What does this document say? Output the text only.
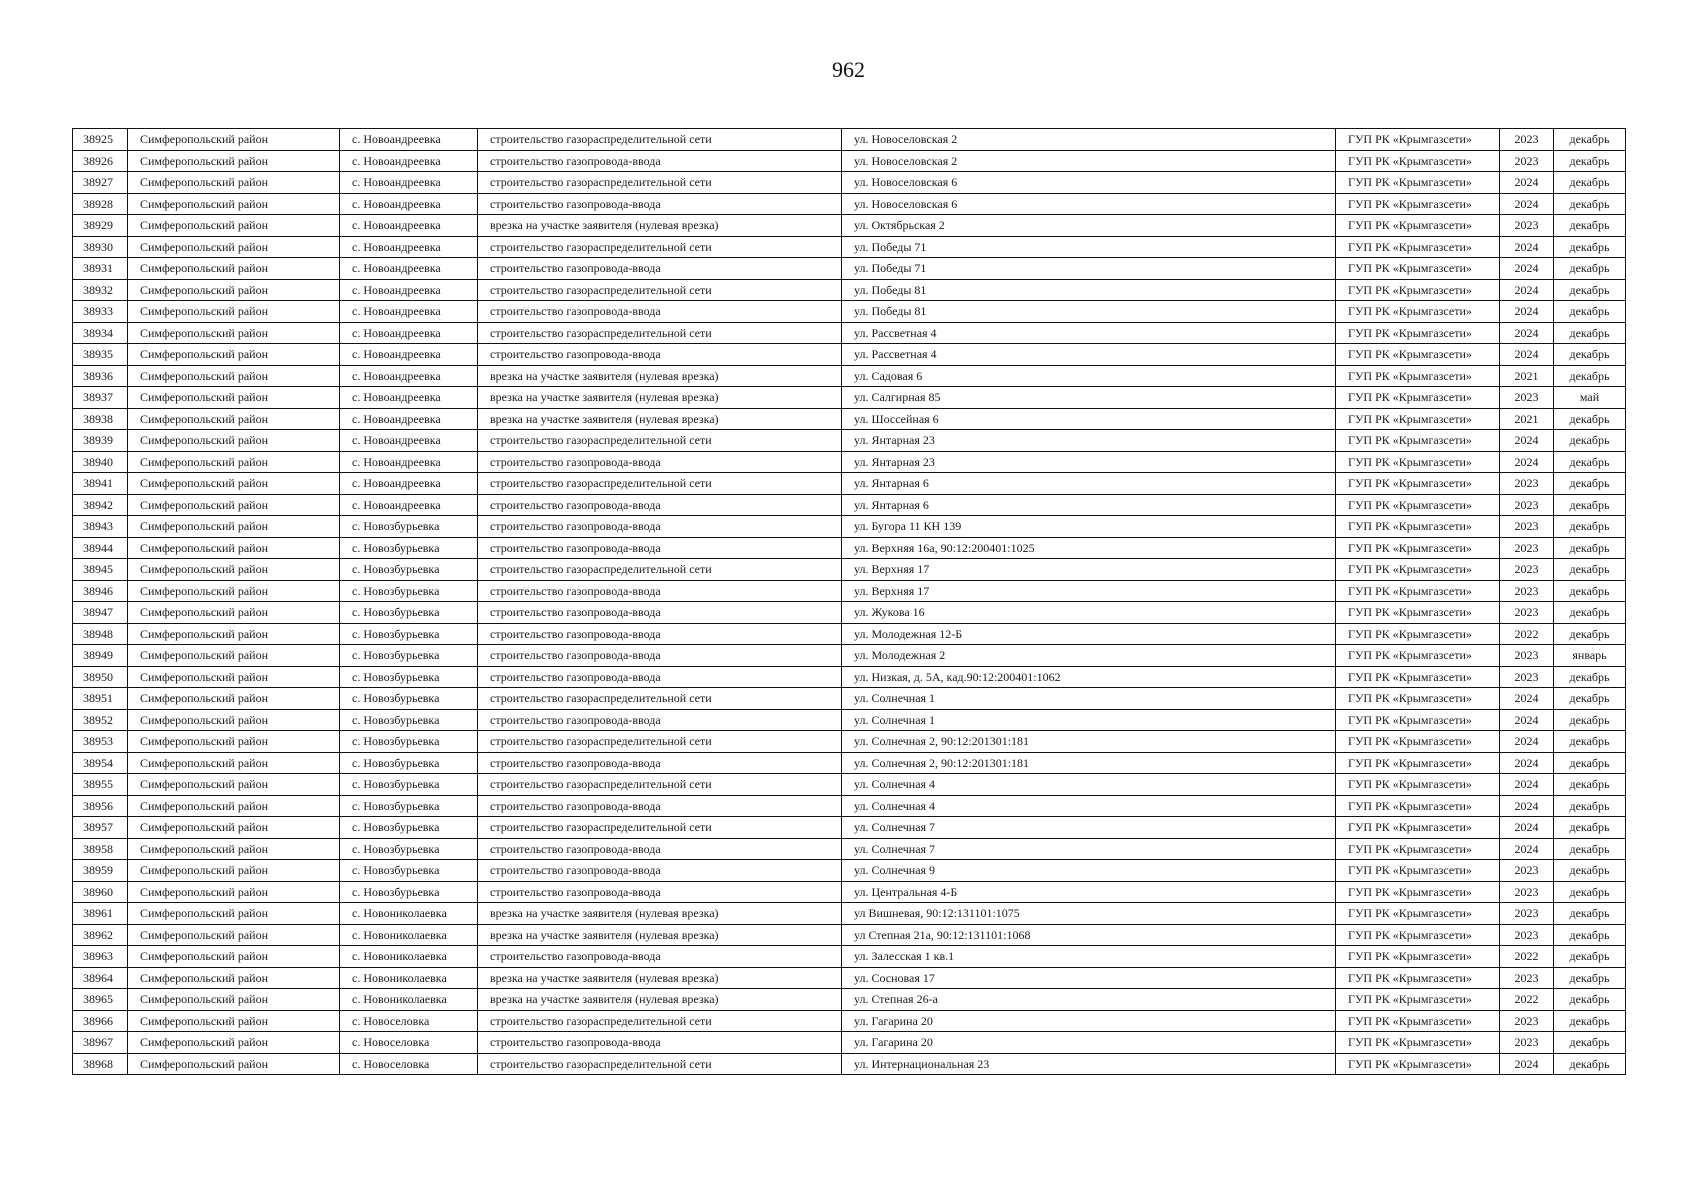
962
38925	Симферопольский район	с. Новоандреевка	строительство газораспределительной сети	ул. Новоселовская 2	ГУП РК «Крымгазсети»	2023	декабрь
38926	Симферопольский район	с. Новоандреевка	строительство газопровода-ввода	ул. Новоселовская 2	ГУП РК «Крымгазсети»	2023	декабрь
38927	Симферопольский район	с. Новоандреевка	строительство газораспределительной сети	ул. Новоселовская 6	ГУП РК «Крымгазсети»	2024	декабрь
38928	Симферопольский район	с. Новоандреевка	строительство газопровода-ввода	ул. Новоселовская 6	ГУП РК «Крымгазсети»	2024	декабрь
38929	Симферопольский район	с. Новоандреевка	врезка на участке заявителя (нулевая врезка)	ул. Октябрьская 2	ГУП РК «Крымгазсети»	2023	декабрь
38930	Симферопольский район	с. Новоандреевка	строительство газораспределительной сети	ул. Победы 71	ГУП РК «Крымгазсети»	2024	декабрь
38931	Симферопольский район	с. Новоандреевка	строительство газопровода-ввода	ул. Победы 71	ГУП РК «Крымгазсети»	2024	декабрь
38932	Симферопольский район	с. Новоандреевка	строительство газораспределительной сети	ул. Победы 81	ГУП РК «Крымгазсети»	2024	декабрь
38933	Симферопольский район	с. Новоандреевка	строительство газопровода-ввода	ул. Победы 81	ГУП РК «Крымгазсети»	2024	декабрь
38934	Симферопольский район	с. Новоандреевка	строительство газораспределительной сети	ул. Рассветная 4	ГУП РК «Крымгазсети»	2024	декабрь
38935	Симферопольский район	с. Новоандреевка	строительство газопровода-ввода	ул. Рассветная 4	ГУП РК «Крымгазсети»	2024	декабрь
38936	Симферопольский район	с. Новоандреевка	врезка на участке заявителя (нулевая врезка)	ул. Садовая 6	ГУП РК «Крымгазсети»	2021	декабрь
38937	Симферопольский район	с. Новоандреевка	врезка на участке заявителя (нулевая врезка)	ул. Салгирная 85	ГУП РК «Крымгазсети»	2023	май
38938	Симферопольский район	с. Новоандреевка	врезка на участке заявителя (нулевая врезка)	ул. Шоссейная 6	ГУП РК «Крымгазсети»	2021	декабрь
38939	Симферопольский район	с. Новоандреевка	строительство газораспределительной сети	ул. Янтарная 23	ГУП РК «Крымгазсети»	2024	декабрь
38940	Симферопольский район	с. Новоандреевка	строительство газопровода-ввода	ул. Янтарная 23	ГУП РК «Крымгазсети»	2024	декабрь
38941	Симферопольский район	с. Новоандреевка	строительство газораспределительной сети	ул. Янтарная 6	ГУП РК «Крымгазсети»	2023	декабрь
38942	Симферопольский район	с. Новоандреевка	строительство газопровода-ввода	ул. Янтарная 6	ГУП РК «Крымгазсети»	2023	декабрь
38943	Симферопольский район	с. Новозбурьевка	строительство газопровода-ввода	ул. Бугора 11 КН 139	ГУП РК «Крымгазсети»	2023	декабрь
38944	Симферопольский район	с. Новозбурьевка	строительство газопровода-ввода	ул. Верхняя 16а, 90:12:200401:1025	ГУП РК «Крымгазсети»	2023	декабрь
38945	Симферопольский район	с. Новозбурьевка	строительство газораспределительной сети	ул. Верхняя 17	ГУП РК «Крымгазсети»	2023	декабрь
38946	Симферопольский район	с. Новозбурьевка	строительство газопровода-ввода	ул. Верхняя 17	ГУП РК «Крымгазсети»	2023	декабрь
38947	Симферопольский район	с. Новозбурьевка	строительство газопровода-ввода	ул. Жукова 16	ГУП РК «Крымгазсети»	2023	декабрь
38948	Симферопольский район	с. Новозбурьевка	строительство газопровода-ввода	ул. Молодежная 12-Б	ГУП РК «Крымгазсети»	2022	декабрь
38949	Симферопольский район	с. Новозбурьевка	строительство газопровода-ввода	ул. Молодежная 2	ГУП РК «Крымгазсети»	2023	январь
38950	Симферопольский район	с. Новозбурьевка	строительство газопровода-ввода	ул. Низкая, д. 5А, кад.90:12:200401:1062	ГУП РК «Крымгазсети»	2023	декабрь
38951	Симферопольский район	с. Новозбурьевка	строительство газораспределительной сети	ул. Солнечная 1	ГУП РК «Крымгазсети»	2024	декабрь
38952	Симферопольский район	с. Новозбурьевка	строительство газопровода-ввода	ул. Солнечная 1	ГУП РК «Крымгазсети»	2024	декабрь
38953	Симферопольский район	с. Новозбурьевка	строительство газораспределительной сети	ул. Солнечная 2, 90:12:201301:181	ГУП РК «Крымгазсети»	2024	декабрь
38954	Симферопольский район	с. Новозбурьевка	строительство газопровода-ввода	ул. Солнечная 2, 90:12:201301:181	ГУП РК «Крымгазсети»	2024	декабрь
38955	Симферопольский район	с. Новозбурьевка	строительство газораспределительной сети	ул. Солнечная 4	ГУП РК «Крымгазсети»	2024	декабрь
38956	Симферопольский район	с. Новозбурьевка	строительство газопровода-ввода	ул. Солнечная 4	ГУП РК «Крымгазсети»	2024	декабрь
38957	Симферопольский район	с. Новозбурьевка	строительство газораспределительной сети	ул. Солнечная 7	ГУП РК «Крымгазсети»	2024	декабрь
38958	Симферопольский район	с. Новозбурьевка	строительство газопровода-ввода	ул. Солнечная 7	ГУП РК «Крымгазсети»	2024	декабрь
38959	Симферопольский район	с. Новозбурьевка	строительство газопровода-ввода	ул. Солнечная 9	ГУП РК «Крымгазсети»	2023	декабрь
38960	Симферопольский район	с. Новозбурьевка	строительство газопровода-ввода	ул. Центральная 4-Б	ГУП РК «Крымгазсети»	2023	декабрь
38961	Симферопольский район	с. Новониколаевка	врезка на участке заявителя (нулевая врезка)	ул Вишневая, 90:12:131101:1075	ГУП РК «Крымгазсети»	2023	декабрь
38962	Симферопольский район	с. Новониколаевка	врезка на участке заявителя (нулевая врезка)	ул Степная 21а, 90:12:131101:1068	ГУП РК «Крымгазсети»	2023	декабрь
38963	Симферопольский район	с. Новониколаевка	строительство газопровода-ввода	ул. Залесская 1 кв.1	ГУП РК «Крымгазсети»	2022	декабрь
38964	Симферопольский район	с. Новониколаевка	врезка на участке заявителя (нулевая врезка)	ул. Сосновая 17	ГУП РК «Крымгазсети»	2023	декабрь
38965	Симферопольский район	с. Новониколаевка	врезка на участке заявителя (нулевая врезка)	ул. Степная 26-а	ГУП РК «Крымгазсети»	2022	декабрь
38966	Симферопольский район	с. Новоселовка	строительство газораспределительной сети	ул. Гагарина 20	ГУП РК «Крымгазсети»	2023	декабрь
38967	Симферопольский район	с. Новоселовка	строительство газопровода-ввода	ул. Гагарина 20	ГУП РК «Крымгазсети»	2023	декабрь
38968	Симферопольский район	с. Новоселовка	строительство газораспределительной сети	ул. Интернациональная 23	ГУП РК «Крымгазсети»	2024	декабрь
